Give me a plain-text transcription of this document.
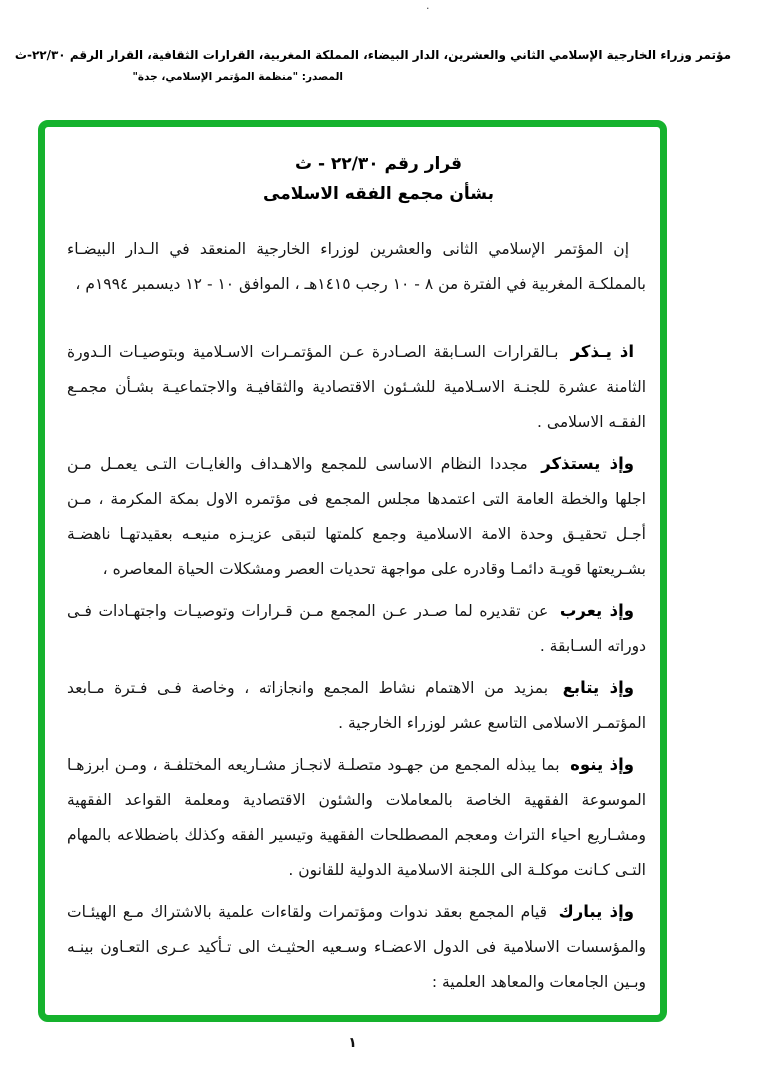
·
مؤتمر وزراء الخارجية الإسلامي الثاني والعشرين، الدار البيضاء، المملكة المغربية، القرارات الثقافية، القرار الرقم ٢٢/٣٠-ث
المصدر: "منظمة المؤتمر الإسلامي، جدة"
قرار رقم ٢٢/٣٠ - ث
بشأن مجمع الفقه الاسلامى

إن المؤتمر الإسلامي الثانى والعشرين لوزراء الخارجية المنعقد في الـدار البيضـاء بالمملكـة المغربية في الفترة من ٨ - ١٠ رجب ١٤١٥هـ ، الموافق ١٠ - ١٢ ديسمبر ١٩٩٤م ،

اذ يـذكر بـالقرارات السـابقة الصـادرة عـن المؤتمـرات الاسـلامية وبتوصيـات الـدورة الثامنة عشرة للجنـة الاسـلامية للشـئون الاقتصادية والثقافيـة والاجتماعيـة بشـأن مجمـع الفقـه الاسلامى .

وإذ يستذكر مجددا النظام الاساسى للمجمع والاهـداف والغايـات التـى يعمـل مـن اجلها والخطة العامة التى اعتمدها مجلس المجمع فى مؤتمره الاول بمكة المكرمة ، مـن أجـل تحقيـق وحدة الامة الاسلامية وجمع كلمتها لتبقى عزيـزه منيعـه بعقيدتهـا ناهضـة بشـريعتها قويـة دائمـا وقادره على مواجهة تحديات العصر ومشكلات الحياة المعاصره ،

وإذ يعرب عن تقديره لما صـدر عـن المجمع مـن قـرارات وتوصيـات واجتهـادات فـى دوراته السـابقة .

وإذ يتابع بمزيد من الاهتمام نشاط المجمع وانجازاته ، وخاصة فـى فـترة مـابعد المؤتمـر الاسلامى التاسع عشر لوزراء الخارجية .

وإذ ينوه بما يبذله المجمع من جهـود متصلـة لانجـاز مشـاريعه المختلفـة ، ومـن ابرزهـا الموسوعة الفقهية الخاصة بالمعاملات والشئون الاقتصادية ومعلمة القواعد الفقهية ومشـاريع احياء التراث ومعجم المصطلحات الفقهية وتيسير الفقه وكذلك باضطلاعه بالمهام التـى كـانت موكلـة الى اللجنة الاسلامية الدولية للقانون .

وإذ يبارك قيام المجمع بعقد ندوات ومؤتمرات ولقاءات علمية بالاشتراك مـع الهيئـات والمؤسسات الاسلامية فى الدول الاعضـاء وسـعيه الحثيـث الى تـأكيد عـرى التعـاون بينـه وبـين الجامعات والمعاهد العلمية :

١
